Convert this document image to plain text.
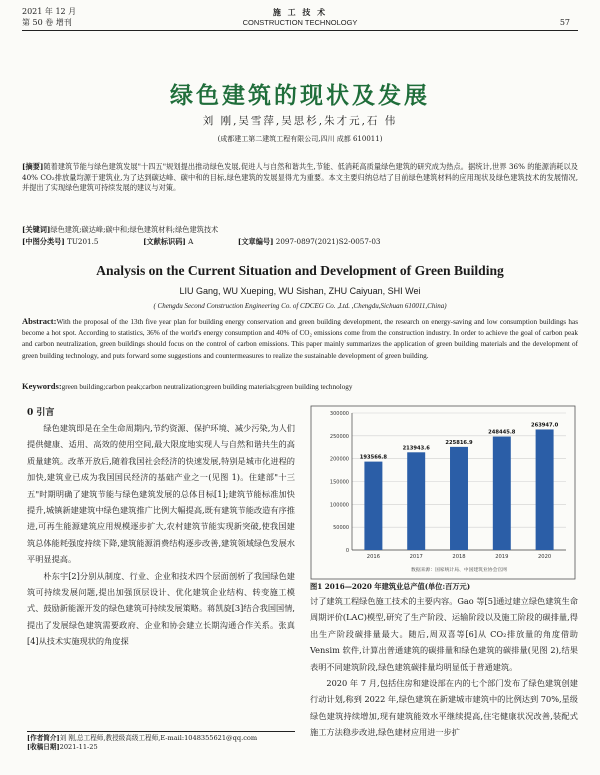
2021 年 12 月
第 50 卷 增刊
施 工 技 术
CONSTRUCTION TECHNOLOGY	57
绿色建筑的现状及发展
刘 刚,吴雪萍,吴思杉,朱才元,石 伟
(成都建工第二建筑工程有限公司,四川 成都 610011)
[摘要]随着建筑节能与绿色建筑发展"十四五"规划提出推动绿色发展,促进人与自然和谐共生,节能、低消耗高质量绿色建筑的研究成为热点。据统计,世界 36% 的能源消耗以及 40% CO₂排放量均源于建筑业,为了达到碳达峰、碳中和的目标,绿色建筑的发展显得尤为重要。本文主要归纳总结了目前绿色建筑材料的应用现状及绿色建筑技术的发展情况,并提出了实现绿色建筑可持续发展的建议与对策。
[关键词]绿色建筑;碳达峰;碳中和;绿色建筑材料;绿色建筑技术
[中图分类号] TU201.5	[文献标识码] A	[文章编号] 2097-0897(2021)S2-0057-03
Analysis on the Current Situation and Development of Green Building
LIU Gang, WU Xueping, WU Sishan, ZHU Caiyuan, SHI Wei
( Chengdu Second Construction Engineering Co. of CDCEG Co. ,Ltd. ,Chengdu,Sichuan 610011,China)
Abstract:With the proposal of the 13th five year plan for building energy conservation and green building development, the research on energy-saving and low consumption buildings has become a hot spot. According to statistics, 36% of the world's energy consumption and 40% of CO₂ emissions come from the construction industry. In order to achieve the goal of carbon peak and carbon neutralization, green buildings should focus on the control of carbon emissions. This paper mainly summarizes the application of green building materials and the development of green building technology, and puts forward some suggestions and countermeasures to realize the sustainable development of green building.
Keywords:green building;carbon peak;carbon neutralization;green building materials;green building technology
0 引言

绿色建筑即是在全生命周期内,节约资源、保护环境、减少污染,为人们提供健康、适用、高效的使用空间,最大限度地实现人与自然和谐共生的高质量建筑。改革开放后,随着我国社会经济的快速发展,特别是城市化进程的加快,建筑业已成为我国国民经济的基础产业之一(见图 1)。住建部"十三五"时期明确了建筑节能与绿色建筑发展的总体目标[1];建筑节能标准加快提升,城镇新建建筑中绿色建筑推广比例大幅提高,既有建筑节能改造有序推进,可再生能源建筑应用规模逐步扩大,农村建筑节能实现新突破,使我国建筑总体能耗强度持续下降,建筑能源消费结构逐步改善,建筑领域绿色发展水平明显提高。

朴东宇[2]分别从制度、行业、企业和技术四个层面剖析了我国绿色建筑可持续发展问题,提出加强顶层设计、优化建筑企业结构、转变施工模式、鼓励新能源开发的绿色建筑可持续发展策略。蒋凯旋[3]结合我国国情,提出了发展绿色建筑需要政府、企业和协会建立长期沟通合作关系。张真[4]从技术实施现状的角度探

[作者简介]刘 刚,总工程师,教授级高级工程师,E-mail:1048355621@qq.com
[收稿日期]2021-11-25
0
50000
100000
150000
200000
250000
300000
193566.8
2016
213943.6
2017
225816.9
2018
248445.8
2019
263947.0
2020
数据来源：国家统计局、中国建筑业协会官网
图1 2016—2020 年建筑业总产值(单位:百万元)

讨了建筑工程绿色施工技术的主要内容。Gao 等[5]通过建立绿色建筑生命周期评价(LAC)模型,研究了生产阶段、运输阶段以及施工阶段的碳排量,得出生产阶段碳排量最大。随后,周双喜等[6]从 CO₂排放量的角度借助 Vensim 软件,计算出普通建筑的碳排量和绿色建筑的碳排量(见图 2),结果表明不同建筑阶段,绿色建筑碳排量均明显低于普通建筑。

2020 年 7 月,包括住房和建设部在内的七个部门发布了绿色建筑创建行动计划,称到 2022 年,绿色建筑在新建城市建筑中的比例达到 70%,星级绿色建筑持续增加,现有建筑能效水平继续提高,住宅健康状况改善,装配式施工方法稳步改进,绿色建材应用进一步扩
